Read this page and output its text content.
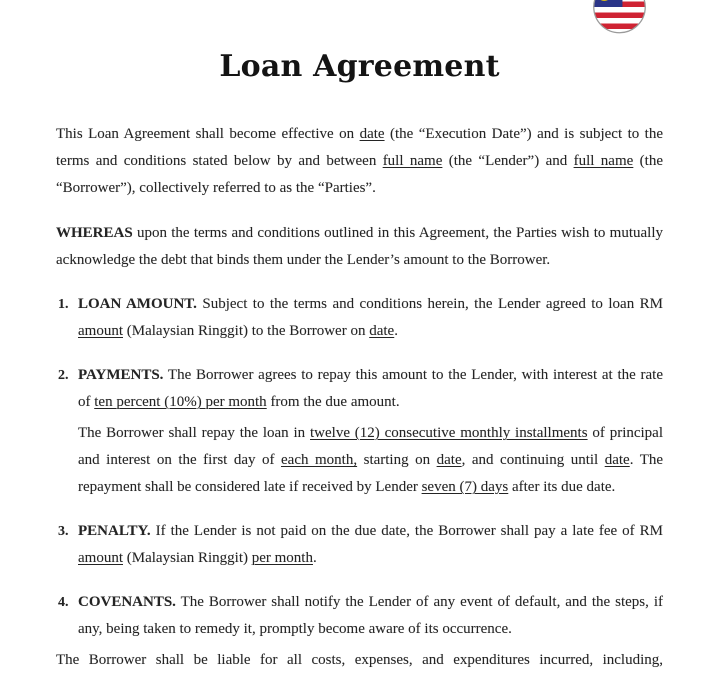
Loan Agreement

This Loan Agreement shall become effective on date (the “Execution Date”) and is subject to the terms and conditions stated below by and between full name (the “Lender”) and full name (the “Borrower”), collectively referred to as the “Parties”.

WHEREAS upon the terms and conditions outlined in this Agreement, the Parties wish to mutually acknowledge the debt that binds them under the Lender’s amount to the Borrower.

1. LOAN AMOUNT. Subject to the terms and conditions herein, the Lender agreed to loan RM amount (Malaysian Ringgit) to the Borrower on date.

2. PAYMENTS. The Borrower agrees to repay this amount to the Lender, with interest at the rate of ten percent (10%) per month from the due amount.

The Borrower shall repay the loan in twelve (12) consecutive monthly installments of principal and interest on the first day of each month, starting on date, and continuing until date. The repayment shall be considered late if received by Lender seven (7) days after its due date.

3. PENALTY. If the Lender is not paid on the due date, the Borrower shall pay a late fee of RM amount (Malaysian Ringgit) per month.

4. COVENANTS. The Borrower shall notify the Lender of any event of default, and the steps, if any, being taken to remedy it, promptly become aware of its occurrence.

The Borrower shall be liable for all costs, expenses, and expenditures incurred, including,
